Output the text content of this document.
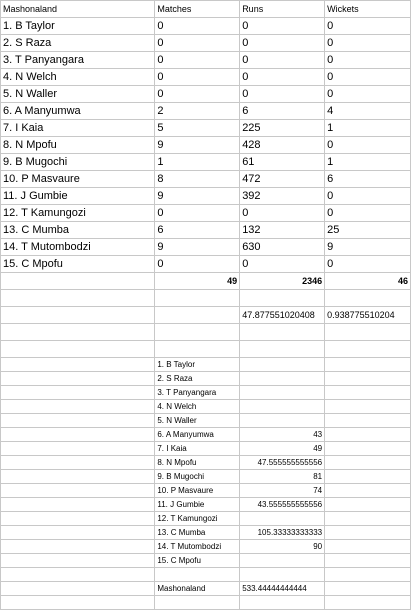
Mashonaland	Matches	Runs	Wickets
1. B Taylor	0	0	0
2. S Raza	0	0	0
3. T Panyangara	0	0	0
4. N Welch	0	0	0
5. N Waller	0	0	0
6. A Manyumwa	2	6	4
7. I Kaia	5	225	1
8. N Mpofu	9	428	0
9. B Mugochi	1	61	1
10. P Masvaure	8	472	6
11. J Gumbie	9	392	0
12. T Kamungozi	0	0	0
13. C Mumba	6	132	25
14. T Mutombodzi	9	630	9
15. C Mpofu	0	0	0
	49	2346	46

		47.877551020408	0.938775510204

	1. B Taylor		
	2. S Raza		
	3. T Panyangara		
	4. N Welch		
	5. N Waller		
	6. A Manyumwa	43	
	7. I Kaia	49	
	8. N Mpofu	47.555555555556	
	9. B Mugochi	81	
	10. P Masvaure	74	
	11. J Gumbie	43.555555555556	
	12. T Kamungozi		
	13. C Mumba	105.33333333333	
	14. T Mutombodzi	90	
	15. C Mpofu		

	Mashonaland	533.44444444444	
